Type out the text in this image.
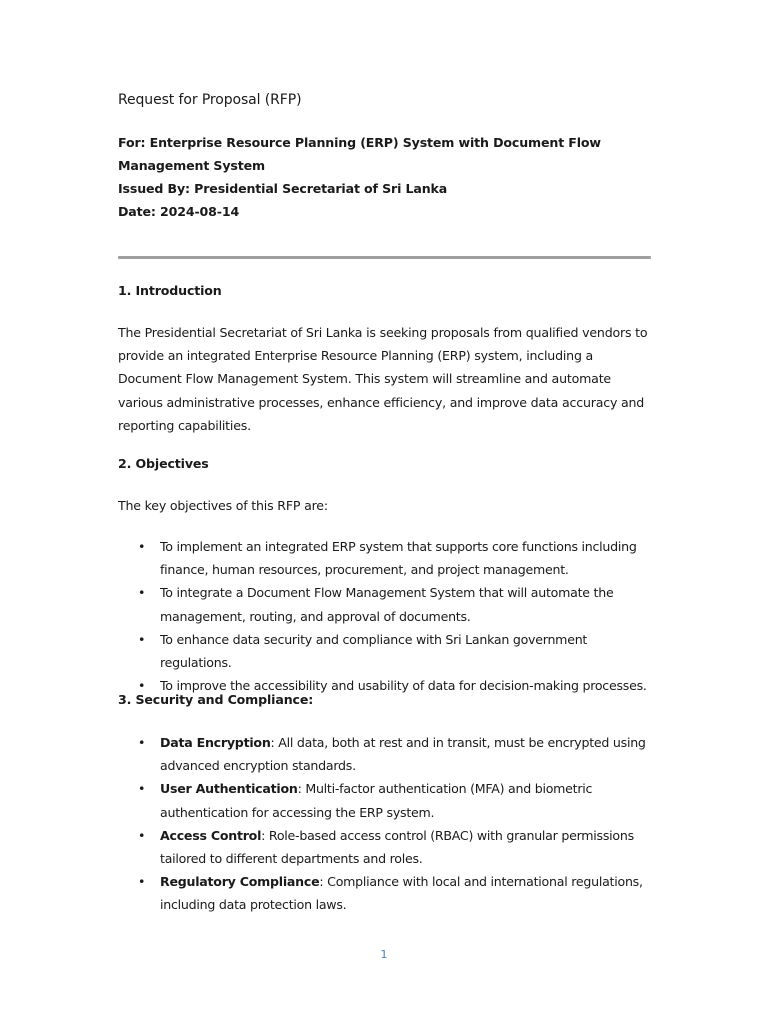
Request for Proposal (RFP)
For: Enterprise Resource Planning (ERP) System with Document Flow Management System
Issued By: Presidential Secretariat of Sri Lanka
Date: 2024-08-14
1. Introduction
The Presidential Secretariat of Sri Lanka is seeking proposals from qualified vendors to provide an integrated Enterprise Resource Planning (ERP) system, including a Document Flow Management System. This system will streamline and automate various administrative processes, enhance efficiency, and improve data accuracy and reporting capabilities.
2. Objectives
The key objectives of this RFP are:
• To implement an integrated ERP system that supports core functions including finance, human resources, procurement, and project management.
• To integrate a Document Flow Management System that will automate the management, routing, and approval of documents.
• To enhance data security and compliance with Sri Lankan government regulations.
• To improve the accessibility and usability of data for decision-making processes.
3. Security and Compliance:
• Data Encryption: All data, both at rest and in transit, must be encrypted using advanced encryption standards.
• User Authentication: Multi-factor authentication (MFA) and biometric authentication for accessing the ERP system.
• Access Control: Role-based access control (RBAC) with granular permissions tailored to different departments and roles.
• Regulatory Compliance: Compliance with local and international regulations, including data protection laws.
1
